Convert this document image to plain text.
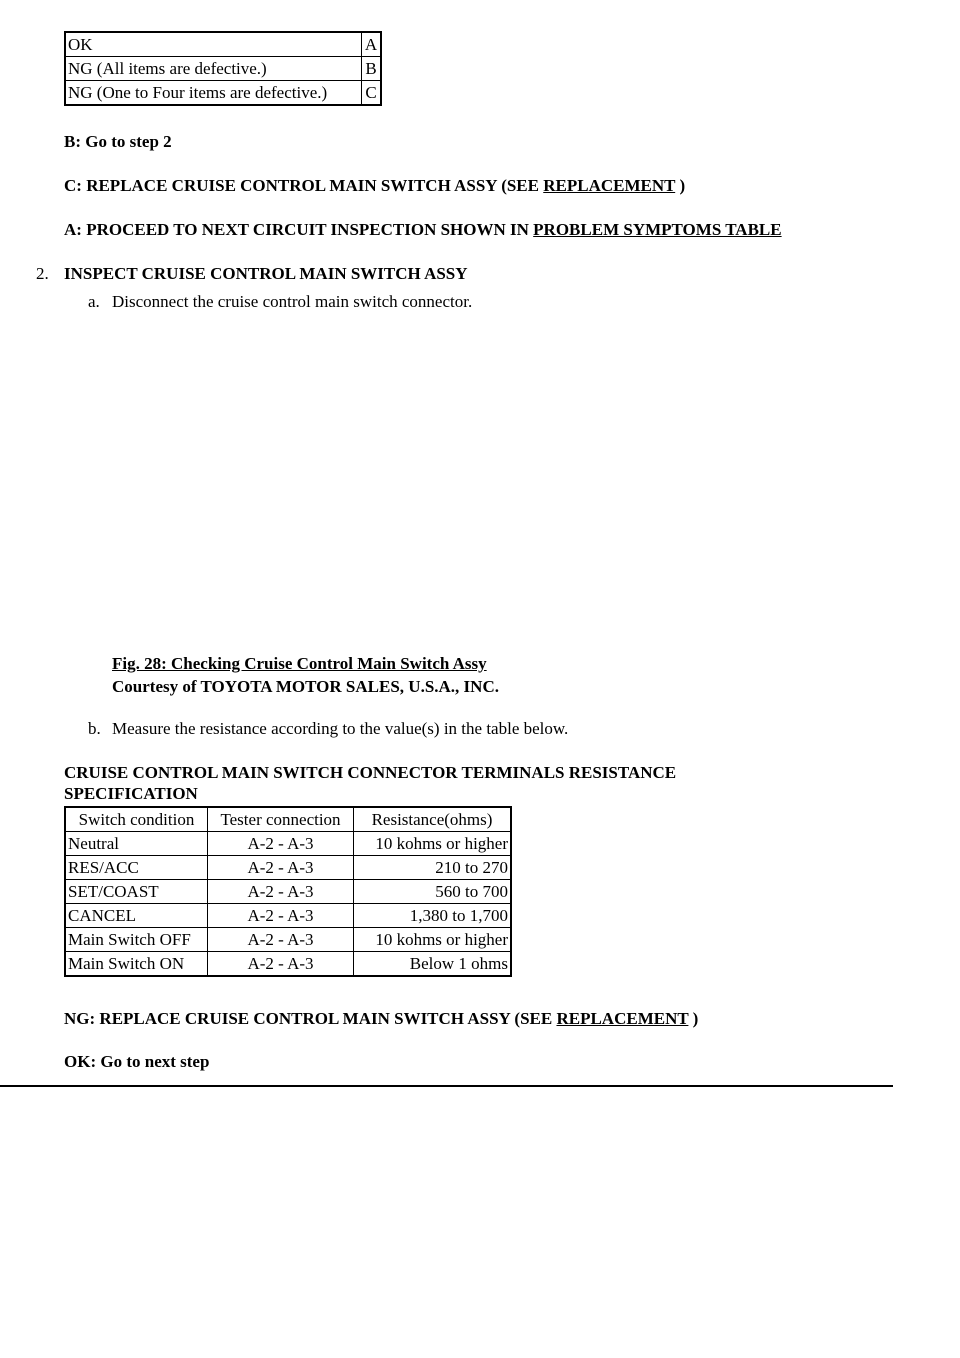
OK	A
NG (All items are defective.)	B
NG (One to Four items are defective.)	C
B: Go to step 2
C: REPLACE CRUISE CONTROL MAIN SWITCH ASSY (SEE REPLACEMENT )
A: PROCEED TO NEXT CIRCUIT INSPECTION SHOWN IN PROBLEM SYMPTOMS TABLE
2. INSPECT CRUISE CONTROL MAIN SWITCH ASSY
a. Disconnect the cruise control main switch connector.
Fig. 28: Checking Cruise Control Main Switch Assy
Courtesy of TOYOTA MOTOR SALES, U.S.A., INC.
b. Measure the resistance according to the value(s) in the table below.
CRUISE CONTROL MAIN SWITCH CONNECTOR TERMINALS RESISTANCE
SPECIFICATION
Switch condition	Tester connection	Resistance(ohms)
Neutral	A-2 - A-3	10 kohms or higher
RES/ACC	A-2 - A-3	210 to 270
SET/COAST	A-2 - A-3	560 to 700
CANCEL	A-2 - A-3	1,380 to 1,700
Main Switch OFF	A-2 - A-3	10 kohms or higher
Main Switch ON	A-2 - A-3	Below 1 ohms
NG: REPLACE CRUISE CONTROL MAIN SWITCH ASSY (SEE REPLACEMENT )
OK: Go to next step
